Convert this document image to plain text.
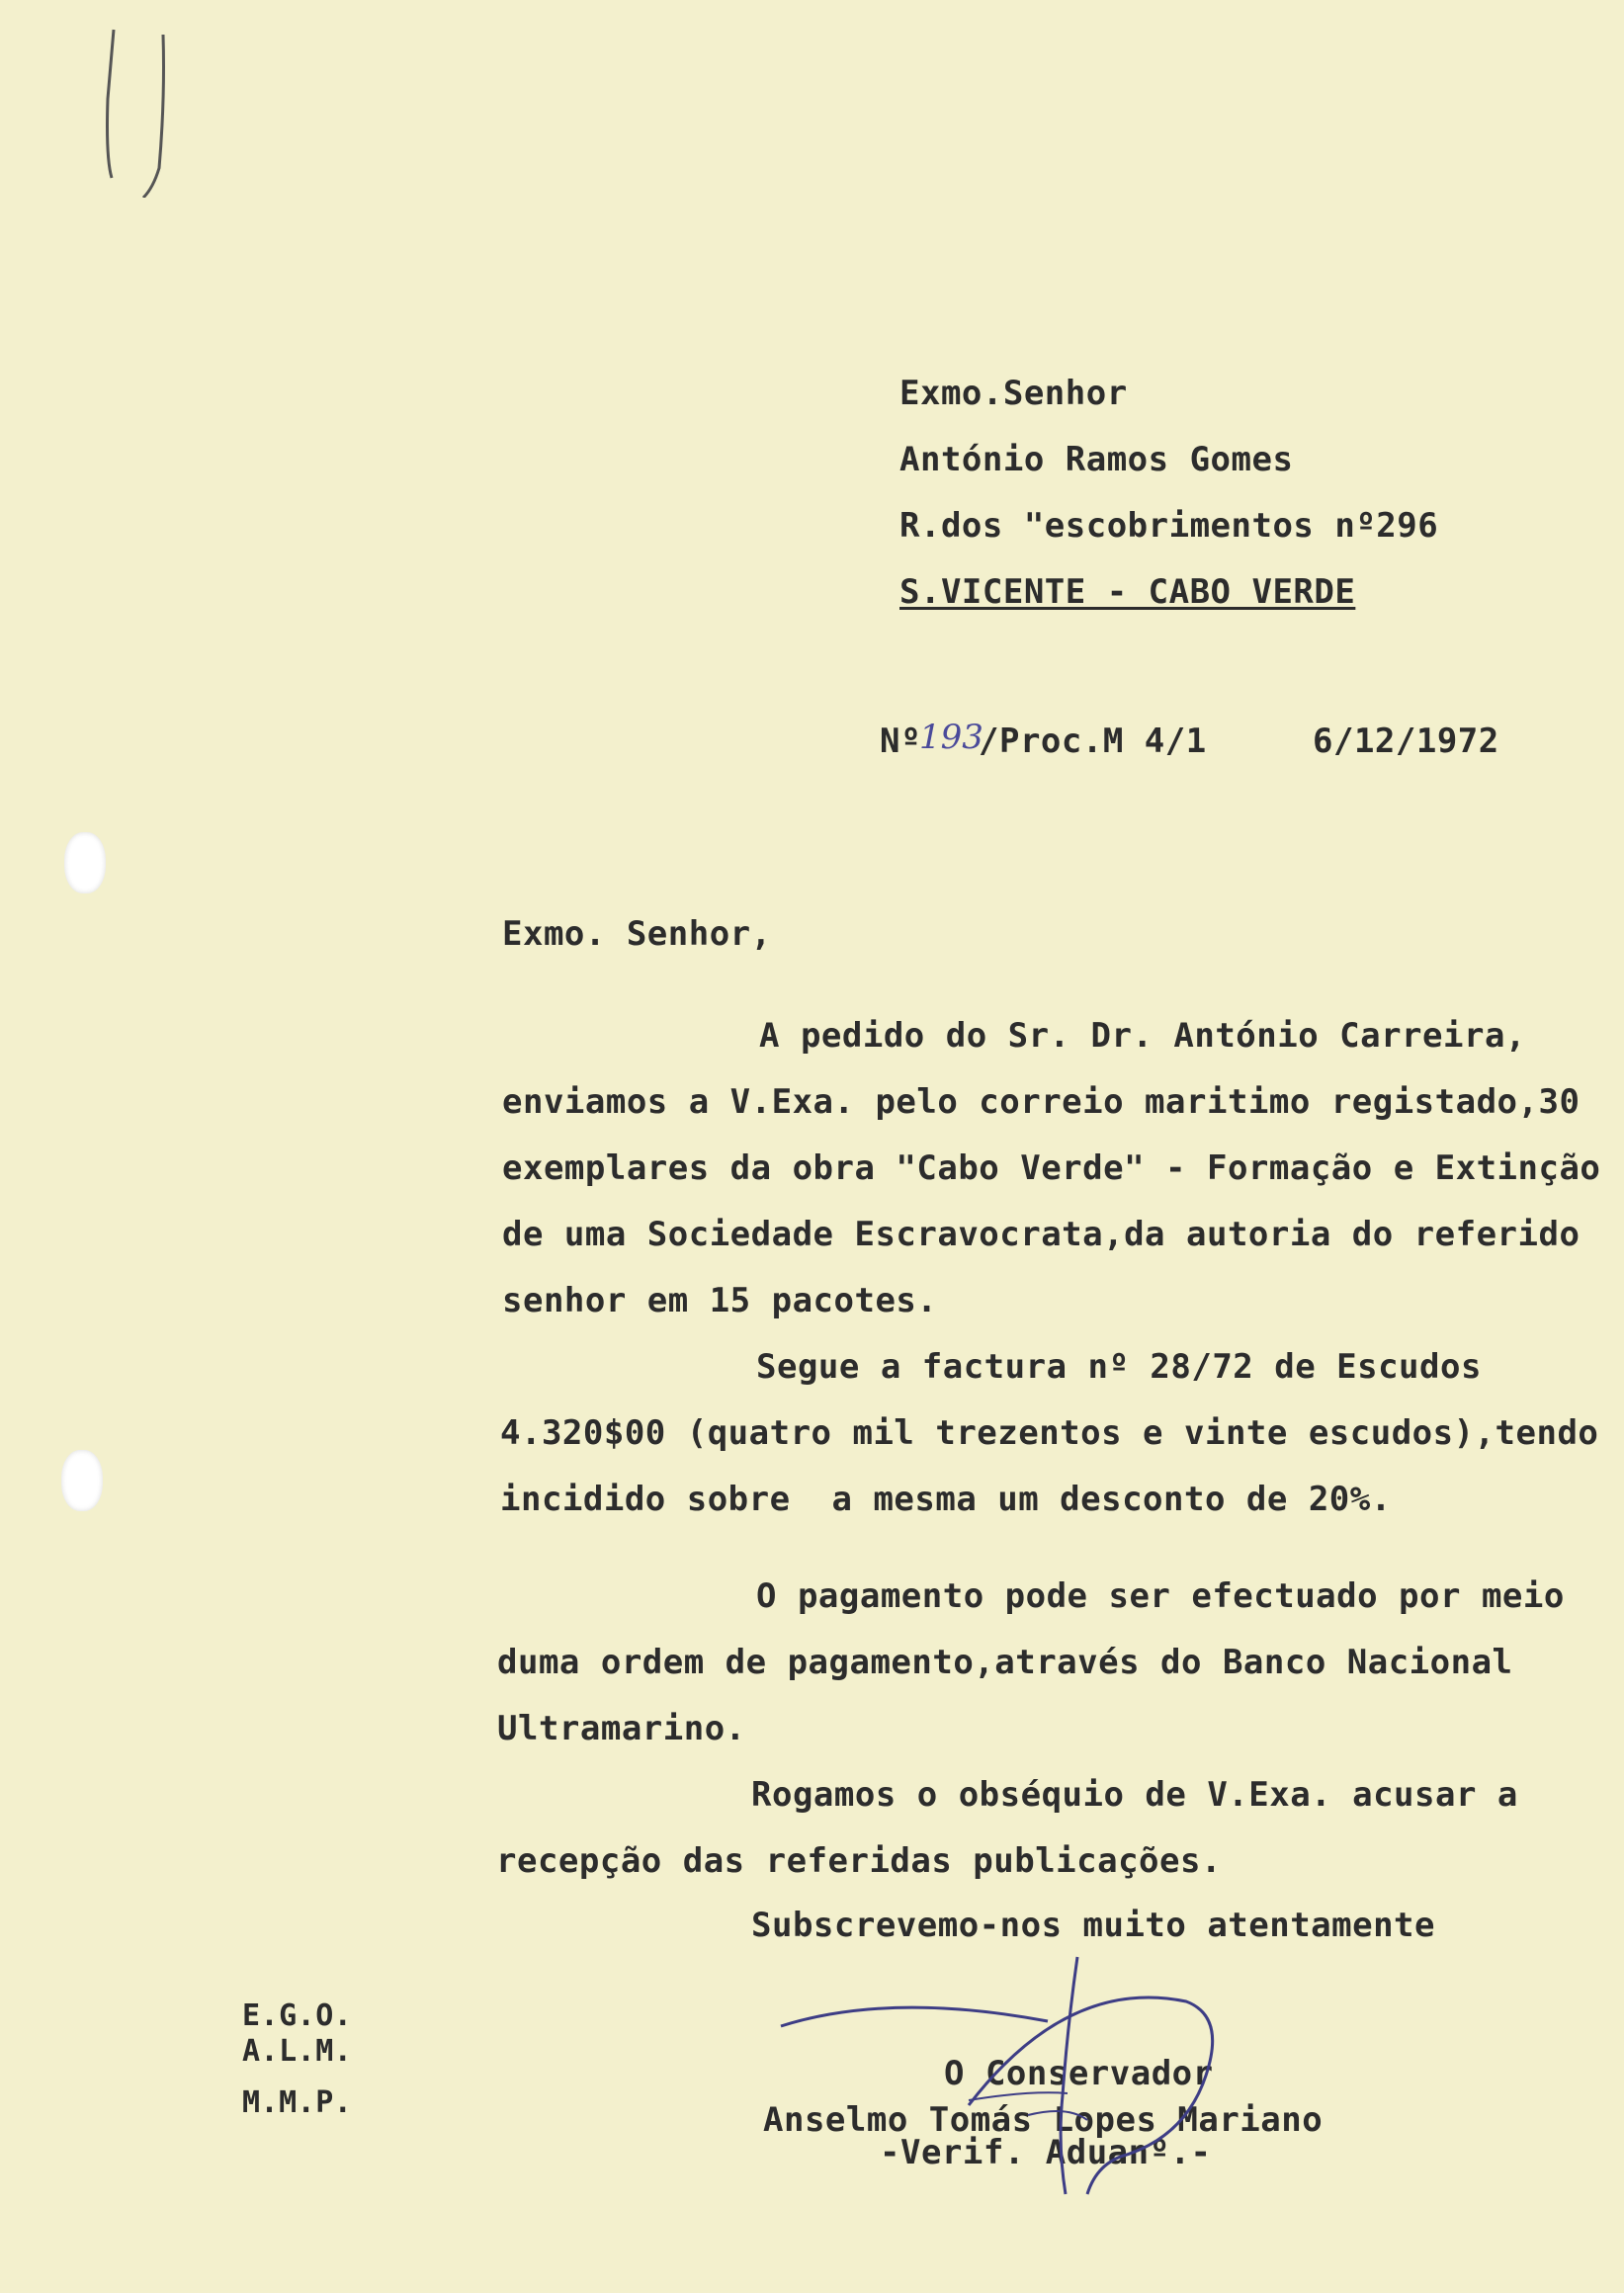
Exmo.Senhor
António Ramos Gomes
R.dos "escobrimentos nº296
S.VICENTE - CABO VERDE
Nº
193
/Proc.M 4/1	6/12/1972
Exmo. Senhor,
A pedido do Sr. Dr. António Carreira,
enviamos a V.Exa. pelo correio maritimo registado,30
exemplares da obra "Cabo Verde" - Formação e Extinção
de uma Sociedade Escravocrata,da autoria do referido
senhor em 15 pacotes.
Segue a factura nº 28/72 de Escudos
4.320$00 (quatro mil trezentos e vinte escudos),tendo
incidido sobre  a mesma um desconto de 20%.
O pagamento pode ser efectuado por meio
duma ordem de pagamento,através do Banco Nacional
Ultramarino.
Rogamos o obséquio de V.Exa. acusar a
recepção das referidas publicações.
Subscrevemo-nos muito atentamente
E.G.O.
A.L.M.
M.M.P.
O Conservador
Anselmo Tomás Lopes Mariano
-Verif. Aduanº.-
